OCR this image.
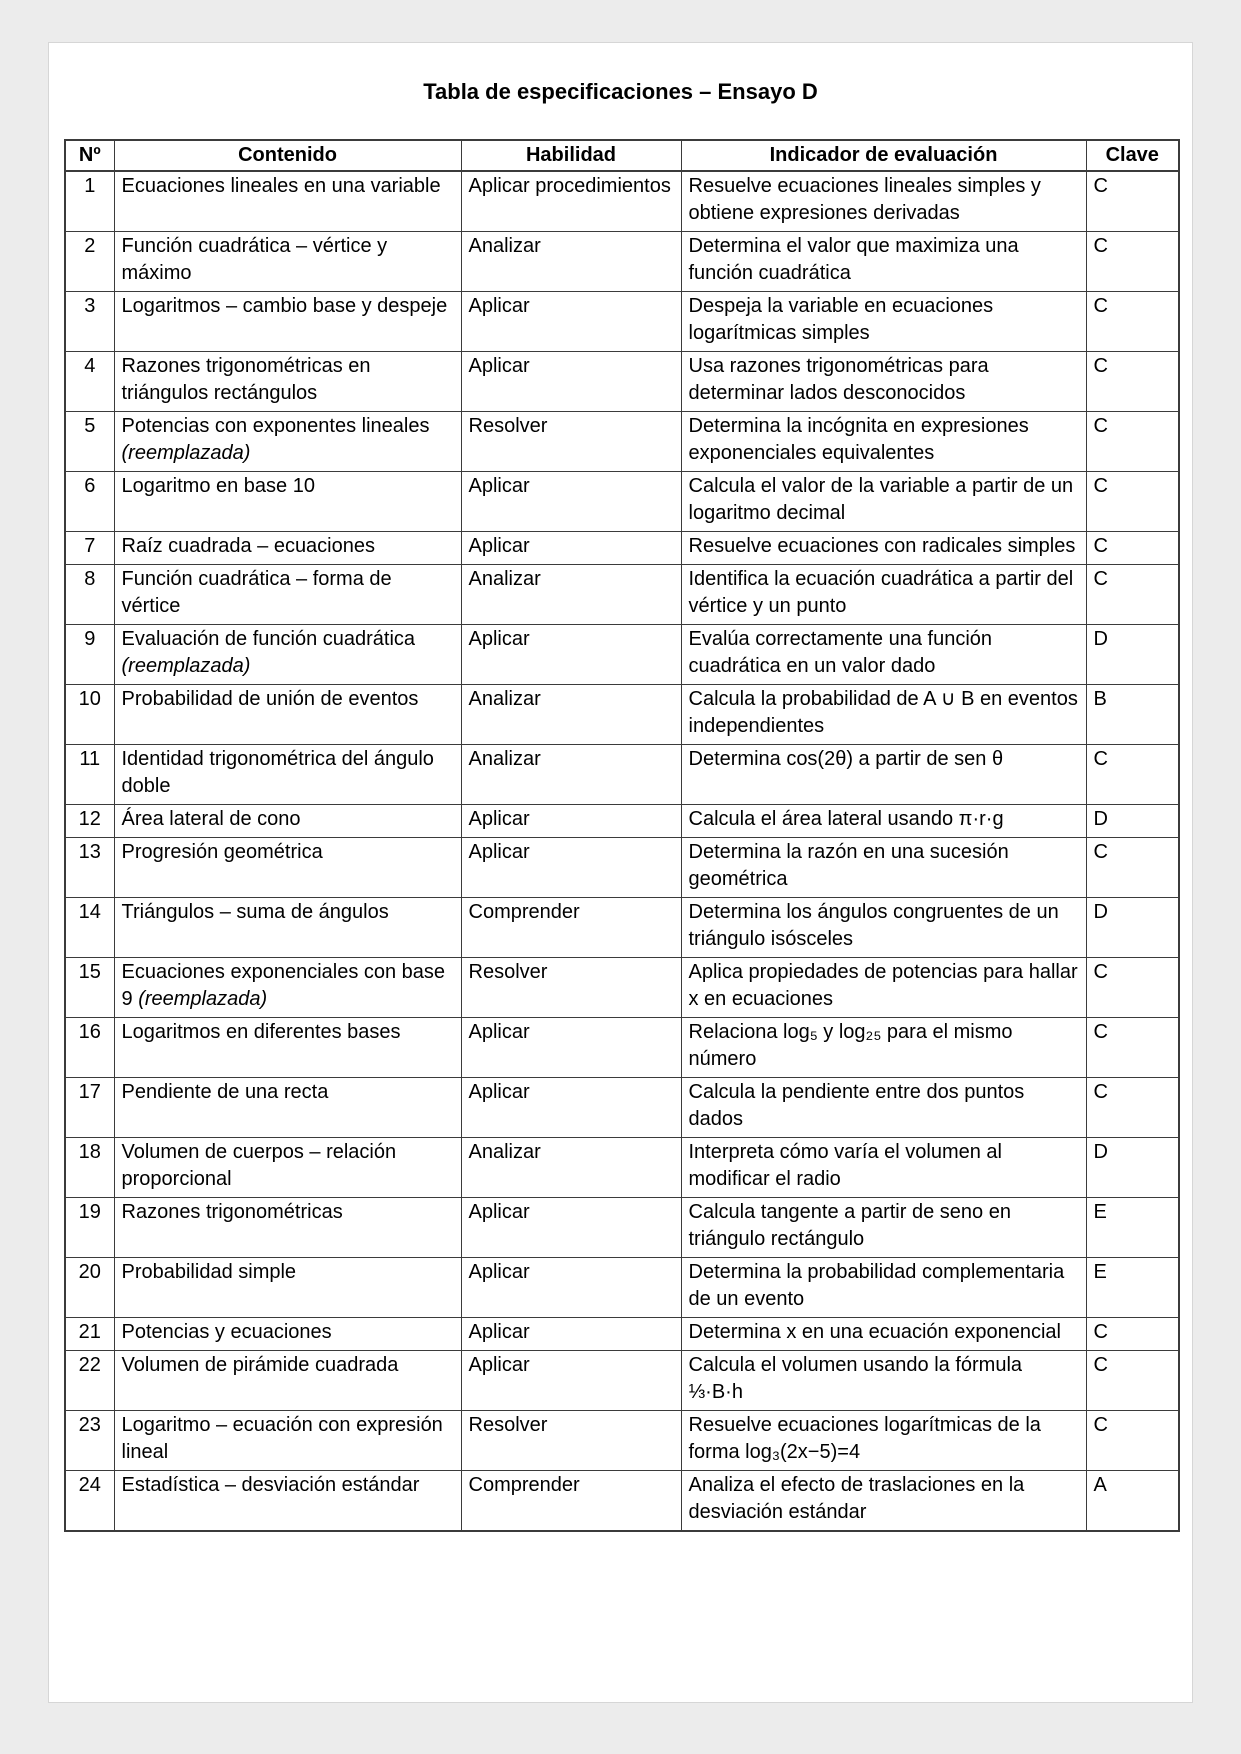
Tabla de especificaciones – Ensayo D
Nº	Contenido	Habilidad	Indicador de evaluación	Clave
1	Ecuaciones lineales en una variable	Aplicar procedimientos	Resuelve ecuaciones lineales simples y obtiene expresiones derivadas	C
2	Función cuadrática – vértice y máximo	Analizar	Determina el valor que maximiza una función cuadrática	C
3	Logaritmos – cambio base y despeje	Aplicar	Despeja la variable en ecuaciones logarítmicas simples	C
4	Razones trigonométricas en triángulos rectángulos	Aplicar	Usa razones trigonométricas para determinar lados desconocidos	C
5	Potencias con exponentes lineales (reemplazada)	Resolver	Determina la incógnita en expresiones exponenciales equivalentes	C
6	Logaritmo en base 10	Aplicar	Calcula el valor de la variable a partir de un logaritmo decimal	C
7	Raíz cuadrada – ecuaciones	Aplicar	Resuelve ecuaciones con radicales simples	C
8	Función cuadrática – forma de vértice	Analizar	Identifica la ecuación cuadrática a partir del vértice y un punto	C
9	Evaluación de función cuadrática (reemplazada)	Aplicar	Evalúa correctamente una función cuadrática en un valor dado	D
10	Probabilidad de unión de eventos	Analizar	Calcula la probabilidad de A ∪ B en eventos independientes	B
11	Identidad trigonométrica del ángulo doble	Analizar	Determina cos(2θ) a partir de sen θ	C
12	Área lateral de cono	Aplicar	Calcula el área lateral usando π·r·g	D
13	Progresión geométrica	Aplicar	Determina la razón en una sucesión geométrica	C
14	Triángulos – suma de ángulos	Comprender	Determina los ángulos congruentes de un triángulo isósceles	D
15	Ecuaciones exponenciales con base 9 (reemplazada)	Resolver	Aplica propiedades de potencias para hallar x en ecuaciones	C
16	Logaritmos en diferentes bases	Aplicar	Relaciona log₅ y log₂₅ para el mismo número	C
17	Pendiente de una recta	Aplicar	Calcula la pendiente entre dos puntos dados	C
18	Volumen de cuerpos – relación proporcional	Analizar	Interpreta cómo varía el volumen al modificar el radio	D
19	Razones trigonométricas	Aplicar	Calcula tangente a partir de seno en triángulo rectángulo	E
20	Probabilidad simple	Aplicar	Determina la probabilidad complementaria de un evento	E
21	Potencias y ecuaciones	Aplicar	Determina x en una ecuación exponencial	C
22	Volumen de pirámide cuadrada	Aplicar	Calcula el volumen usando la fórmula ⅓·B·h	C
23	Logaritmo – ecuación con expresión lineal	Resolver	Resuelve ecuaciones logarítmicas de la forma log₃(2x−5)=4	C
24	Estadística – desviación estándar	Comprender	Analiza el efecto de traslaciones en la desviación estándar	A
